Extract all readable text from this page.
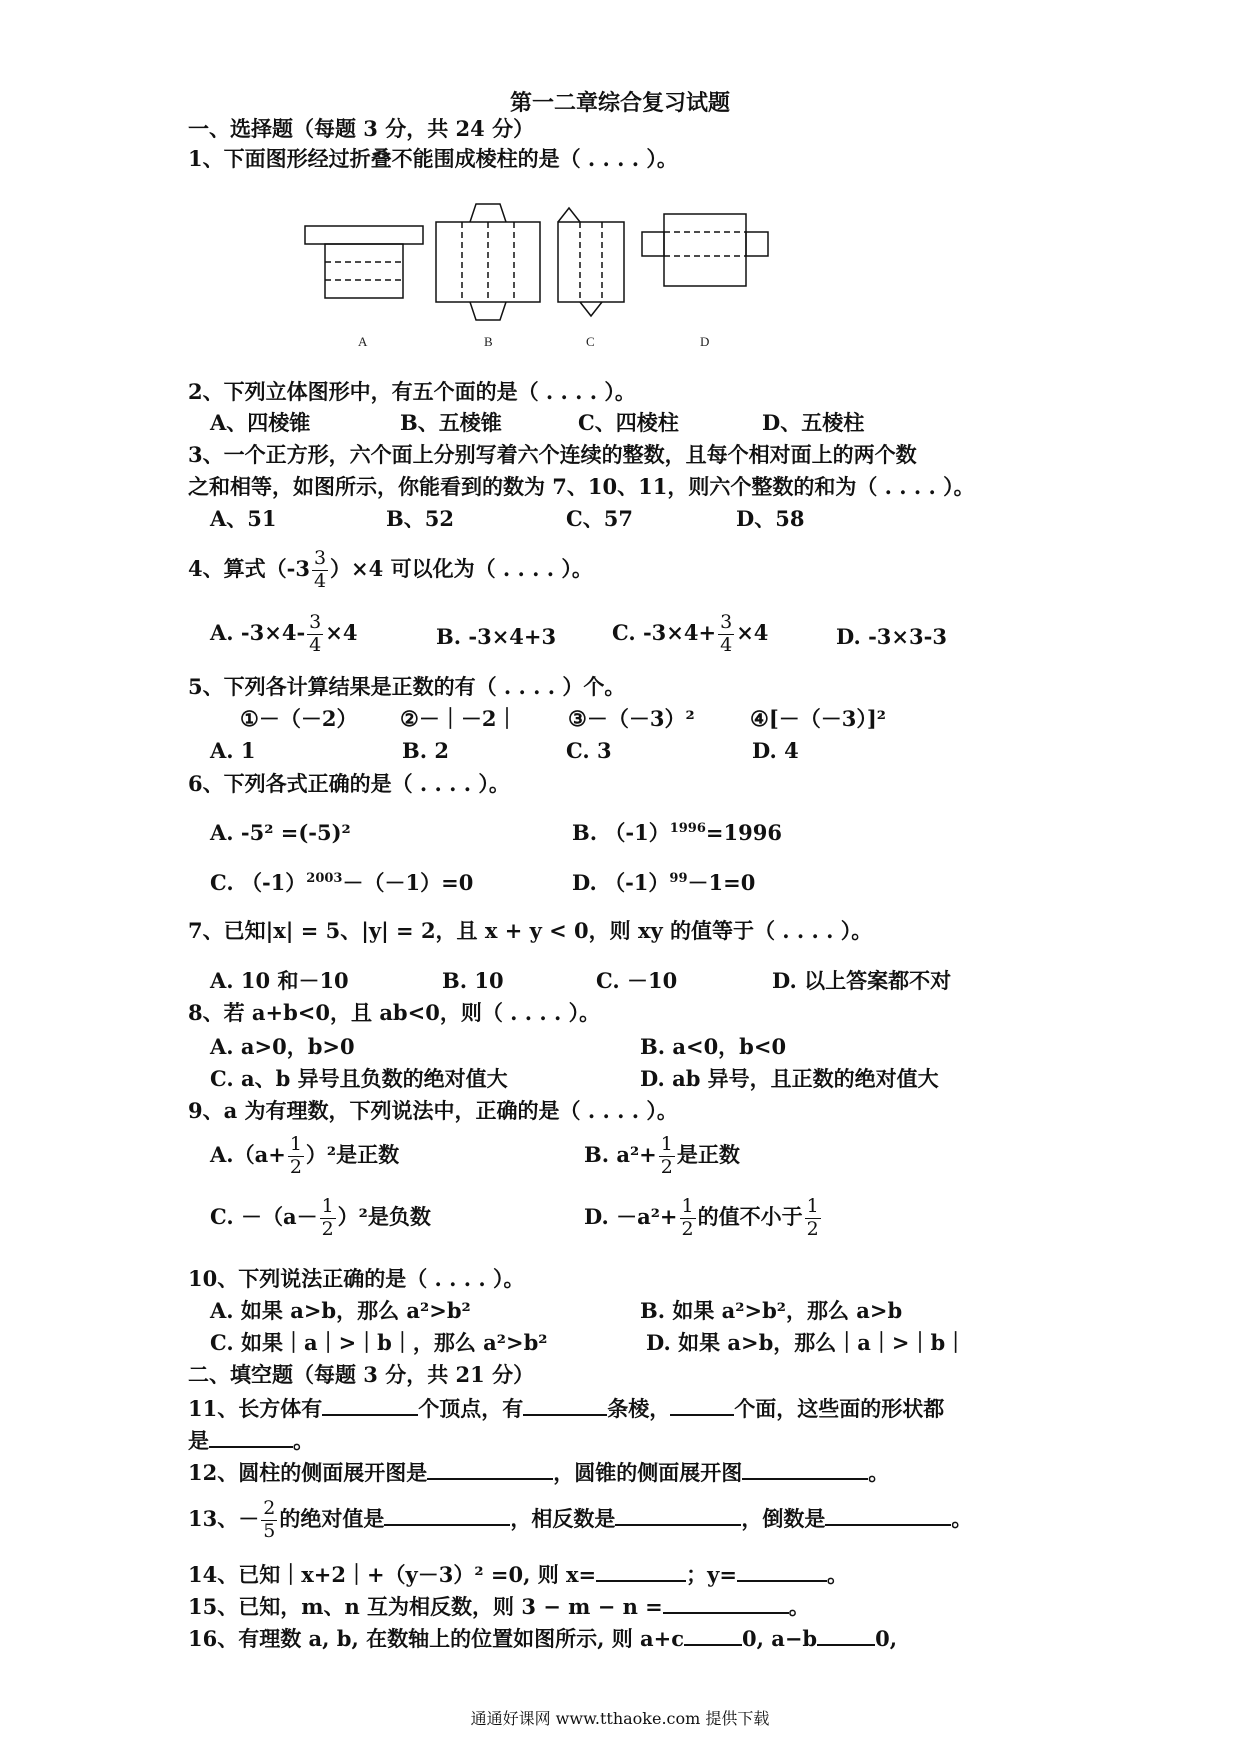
第一二章综合复习试题
一、选择题（每题 3 分，共 24 分）
1、下面图形经过折叠不能围成棱柱的是（ . . . . ）。
A	B	C	D
2、下列立体图形中，有五个面的是（ . . . . ）。
A、四棱锥	B、五棱锥	C、四棱柱	D、五棱柱
3、一个正方形，六个面上分别写着六个连续的整数，且每个相对面上的两个数
之和相等，如图所示，你能看到的数为 7、10、11，则六个整数的和为（ . . . . ）。
A、51	B、52	C、57	D、58
4、算式$(-3 \frac{3}{4} )\times 4$ 可以化为（ . . . . ）。
A. $-3\times 4- \frac{3}{4} \times 4$	B. -3×4+3	C. $-3\times 4+ \frac{3}{4} \times 4$	D. -3×3-3
5、下列各计算结果是正数的有（ . . . . ）个。
①－（－2） ②－｜－2｜ ③－（－3）²	④[－（－3）]²
A. 1	B. 2	C. 3	D. 4
6、下列各式正确的是（ . . . . ）。
A. -5² =(-5)²	B. $(-1)^{1996}=1996$
C. $(-1)^{2003}-(-1)=0$	D. $(-1)^{99}-1=0$
7、已知|x| = 5、|y| = 2，且 x + y < 0，则 xy 的值等于（ . . . . ）。
A. 10 和－10	B. 10	C. －10	D. 以上答案都不对
8、若 a+b<0，且 ab<0，则（ . . . . ）。
A. a>0，b>0	B. a<0，b<0
C. a、b 异号且负数的绝对值大	D. ab 异号，且正数的绝对值大
9、a 为有理数，下列说法中，正确的是（ . . . . ）。
$A.(a+ \frac{1}{2} )^2$是正数	B. $a^2+ \frac{1}{2}$ 是正数
C. $-(a- \frac{1}{2} )^2$是负数	D. $-a^2+ \frac{1}{2}$ 的值不小于 $\frac{1}{2}$
10、下列说法正确的是（ . . . . ）。
A. 如果 a>b，那么 a²>b²	B. 如果 a²>b²，那么 a>b
C. 如果｜a｜>｜b｜，那么 a²>b²	D. 如果 a>b，那么｜a｜>｜b｜
二、填空题（每题 3 分，共 21 分）
11、长方体有	个顶点，有	条棱，	个面，这些面的形状都
是	。
12、圆柱的侧面展开图是	，圆锥的侧面展开图	。
13、－ $\frac{2}{5}$ 的绝对值是	，相反数是	，倒数是	。
14、已知｜x+2｜+（y－3）² =0, 则 x=	；y=	。
15、已知，m、n 互为相反数，则 3 − m − n =	。
16、有理数 a, b, 在数轴上的位置如图所示, 则 a+c	0, a−b	0,
通通好课网 www.tthaoke.com 提供下载
